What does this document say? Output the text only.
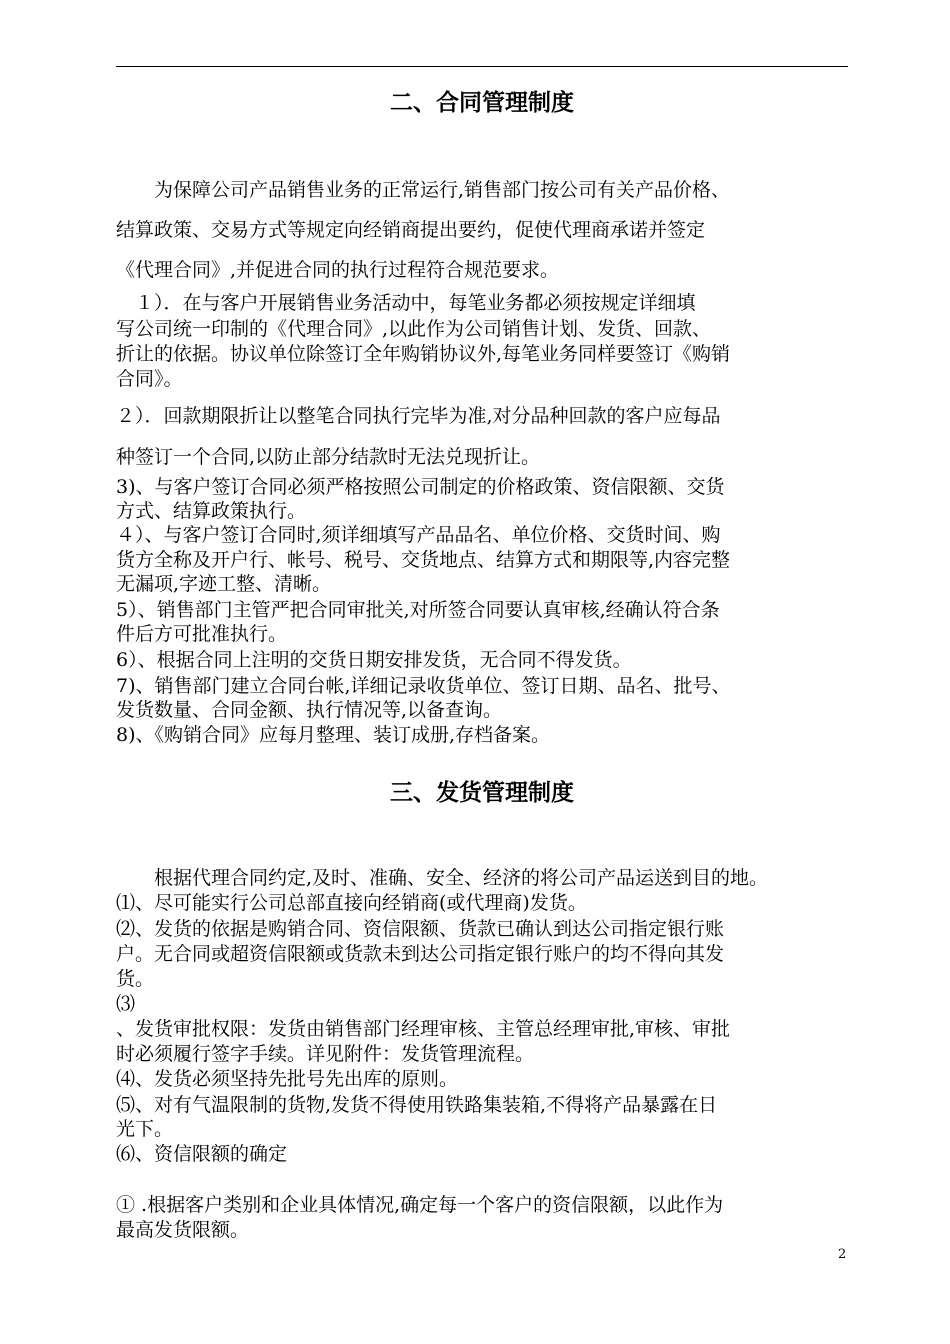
二、合同管理制度
　　为保障公司产品销售业务的正常运行,销售部门按公司有关产品价格、
结算政策、交易方式等规定向经销商提出要约，促使代理商承诺并签定
《代理合同》,并促进合同的执行过程符合规范要求。
　１）．在与客户开展销售业务活动中，每笔业务都必须按规定详细填
写公司统一印制的《代理合同》,以此作为公司销售计划、发货、回款、
折让的依据。协议单位除签订全年购销协议外,每笔业务同样要签订《购销
合同》。
２）．回款期限折让以整笔合同执行完毕为准,对分品种回款的客户应每品
种签订一个合同,以防止部分结款时无法兑现折让。
3)、与客户签订合同必须严格按照公司制定的价格政策、资信限额、交货
方式、结算政策执行。
４）、与客户签订合同时,须详细填写产品品名、单位价格、交货时间、购
货方全称及开户行、帐号、税号、交货地点、结算方式和期限等,内容完整
无漏项,字迹工整、清晰。
5）、销售部门主管严把合同审批关,对所签合同要认真审核,经确认符合条
件后方可批准执行。
6）、根据合同上注明的交货日期安排发货，无合同不得发货。
7)、销售部门建立合同台帐,详细记录收货单位、签订日期、品名、批号、
发货数量、合同金额、执行情况等,以备查询。
8)、《购销合同》应每月整理、装订成册,存档备案。
三、发货管理制度
　　根据代理合同约定,及时、准确、安全、经济的将公司产品运送到目的地。
⑴、尽可能实行公司总部直接向经销商(或代理商)发货。
⑵、发货的依据是购销合同、资信限额、货款已确认到达公司指定银行账
户。无合同或超资信限额或货款未到达公司指定银行账户的均不得向其发
货。
⑶
、发货审批权限：发货由销售部门经理审核、主管总经理审批,审核、审批
时必须履行签字手续。详见附件：发货管理流程。
⑷、发货必须坚持先批号先出库的原则。
⑸、对有气温限制的货物,发货不得使用铁路集装箱,不得将产品暴露在日
光下。
⑹、资信限额的确定
① .根据客户类别和企业具体情况,确定每一个客户的资信限额，以此作为
最高发货限额。
2
